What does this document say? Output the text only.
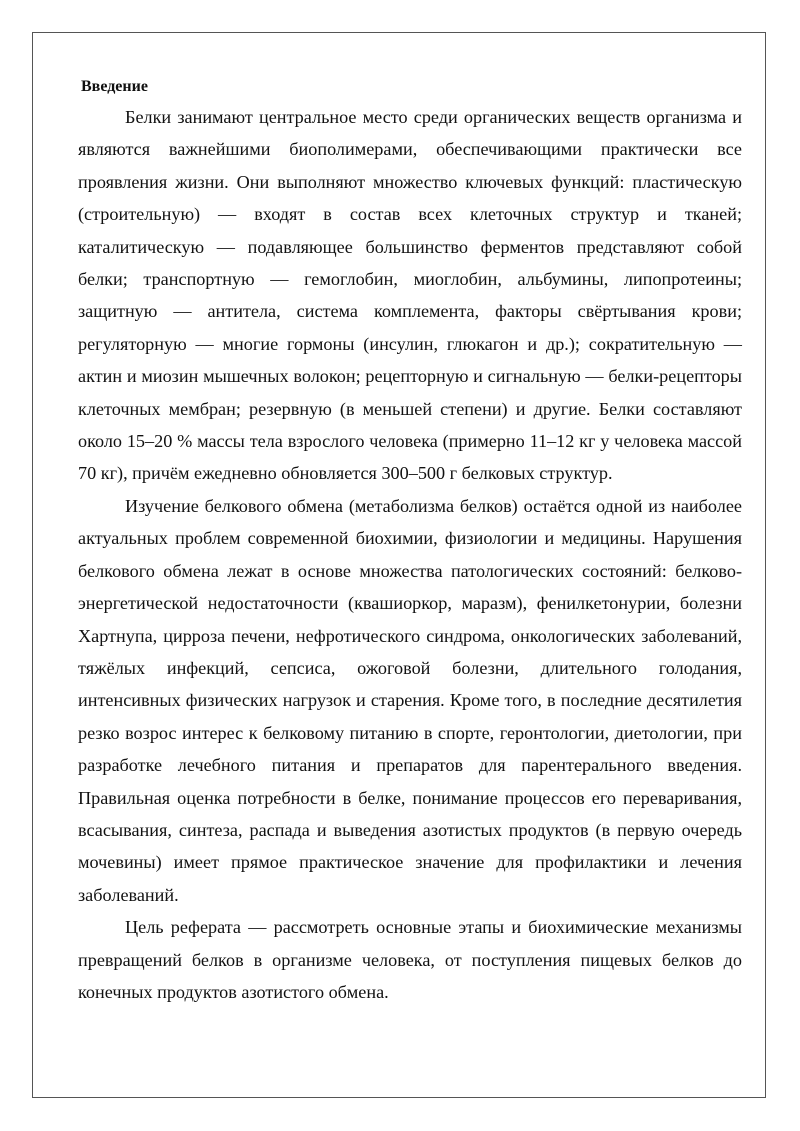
Введение

Белки занимают центральное место среди органических веществ организма и являются важнейшими биополимерами, обеспечивающими практически все проявления жизни. Они выполняют множество ключевых функций: пластическую (строительную) — входят в состав всех клеточных структур и тканей; каталитическую — подавляющее большинство ферментов представляют собой белки; транспортную — гемоглобин, миоглобин, альбумины, липопротеины; защитную — антитела, система комплемента, факторы свёртывания крови; регуляторную — многие гормоны (инсулин, глюкагон и др.); сократительную — актин и миозин мышечных волокон; рецепторную и сигнальную — белки-рецепторы клеточных мембран; резервную (в меньшей степени) и другие. Белки составляют около 15–20 % массы тела взрослого человека (примерно 11–12 кг у человека массой 70 кг), причём ежедневно обновляется 300–500 г белковых структур.

Изучение белкового обмена (метаболизма белков) остаётся одной из наиболее актуальных проблем современной биохимии, физиологии и медицины. Нарушения белкового обмена лежат в основе множества патологических состояний: белково-энергетической недостаточности (квашиоркор, маразм), фенилкетонурии, болезни Хартнупа, цирроза печени, нефротического синдрома, онкологических заболеваний, тяжёлых инфекций, сепсиса, ожоговой болезни, длительного голодания, интенсивных физических нагрузок и старения. Кроме того, в последние десятилетия резко возрос интерес к белковому питанию в спорте, геронтологии, диетологии, при разработке лечебного питания и препаратов для парентерального введения. Правильная оценка потребности в белке, понимание процессов его переваривания, всасывания, синтеза, распада и выведения азотистых продуктов (в первую очередь мочевины) имеет прямое практическое значение для профилактики и лечения заболеваний.

Цель реферата — рассмотреть основные этапы и биохимические механизмы превращений белков в организме человека, от поступления пищевых белков до конечных продуктов азотистого обмена.
